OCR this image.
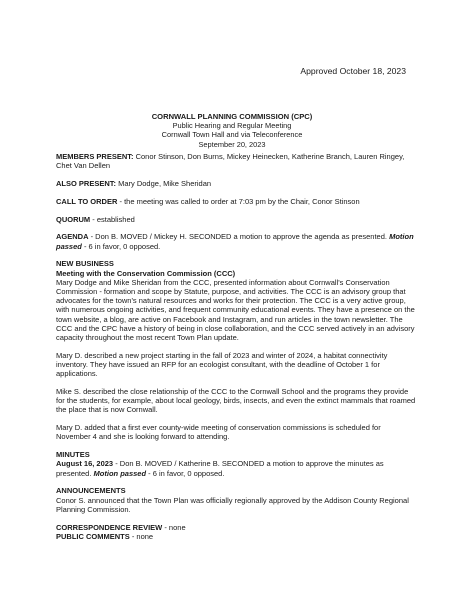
Approved October 18, 2023
CORNWALL PLANNING COMMISSION (CPC)
Public Hearing and Regular Meeting
Cornwall Town Hall and via Teleconference
September 20, 2023

MEMBERS PRESENT: Conor Stinson, Don Burns, Mickey Heinecken, Katherine Branch, Lauren Ringey, Chet Van Dellen

ALSO PRESENT: Mary Dodge, Mike Sheridan

CALL TO ORDER - the meeting was called to order at 7:03 pm by the Chair, Conor Stinson

QUORUM - established

AGENDA - Don B. MOVED / Mickey H. SECONDED a motion to approve the agenda as presented. Motion passed - 6 in favor, 0 opposed.

NEW BUSINESS
Meeting with the Conservation Commission (CCC)
Mary Dodge and Mike Sheridan from the CCC, presented information about Cornwall's Conservation Commission - formation and scope by Statute, purpose, and activities. The CCC is an advisory group that advocates for the town's natural resources and works for their protection. The CCC is a very active group, with numerous ongoing activities, and frequent community educational events. They have a presence on the town website, a blog, are active on Facebook and Instagram, and run articles in the town newsletter. The CCC and the CPC have a history of being in close collaboration, and the CCC served actively in an advisory capacity throughout the most recent Town Plan update.

Mary D. described a new project starting in the fall of 2023 and winter of 2024, a habitat connectivity inventory. They have issued an RFP for an ecologist consultant, with the deadline of October 1 for applications.

Mike S. described the close relationship of the CCC to the Cornwall School and the programs they provide for the students, for example, about local geology, birds, insects, and even the extinct mammals that roamed the place that is now Cornwall.

Mary D. added that a first ever county-wide meeting of conservation commissions is scheduled for November 4 and she is looking forward to attending.

MINUTES
August 16, 2023 - Don B. MOVED / Katherine B. SECONDED a motion to approve the minutes as presented. Motion passed - 6 in favor, 0 opposed.

ANNOUNCEMENTS
Conor S. announced that the Town Plan was officially regionally approved by the Addison County Regional Planning Commission.

CORRESPONDENCE REVIEW - none

PUBLIC COMMENTS - none
